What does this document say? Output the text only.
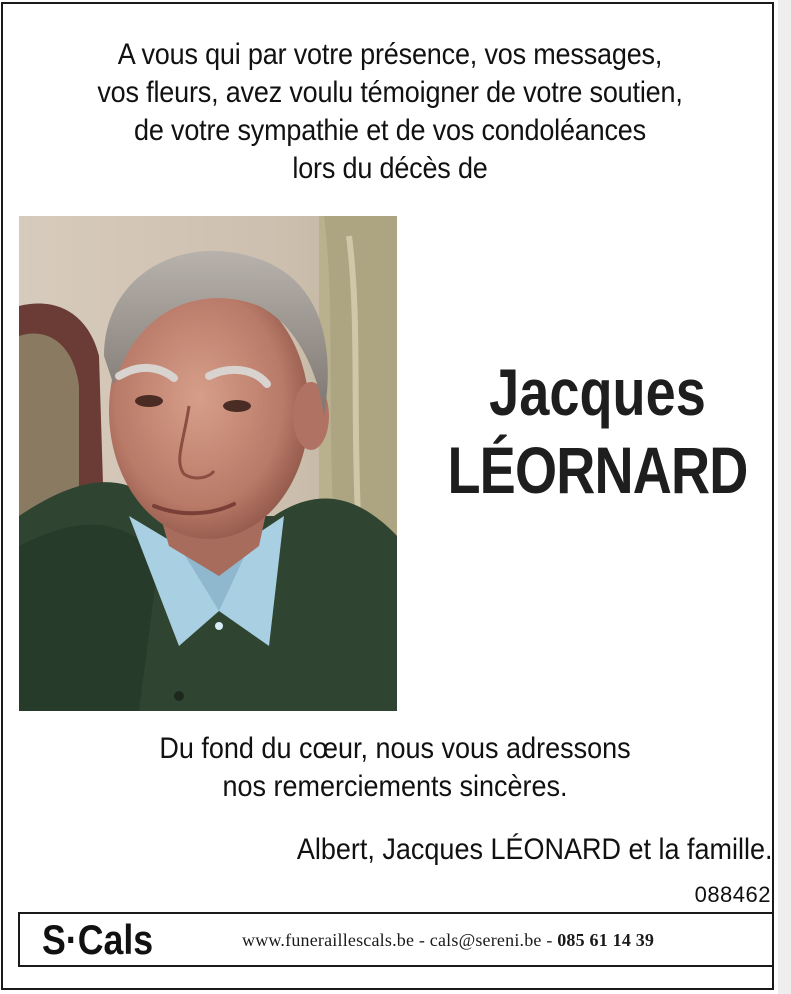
A vous qui par votre présence, vos messages,
vos fleurs, avez voulu témoigner de votre soutien,
de votre sympathie et de vos condoléances
lors du décès de
Jacques
LÉORNARD
Du fond du cœur, nous vous adressons
nos remerciements sincères.
Albert, Jacques LÉONARD et la famille.
088462
S·Cals	www.funeraillescals.be - cals@sereni.be - 085 61 14 39
